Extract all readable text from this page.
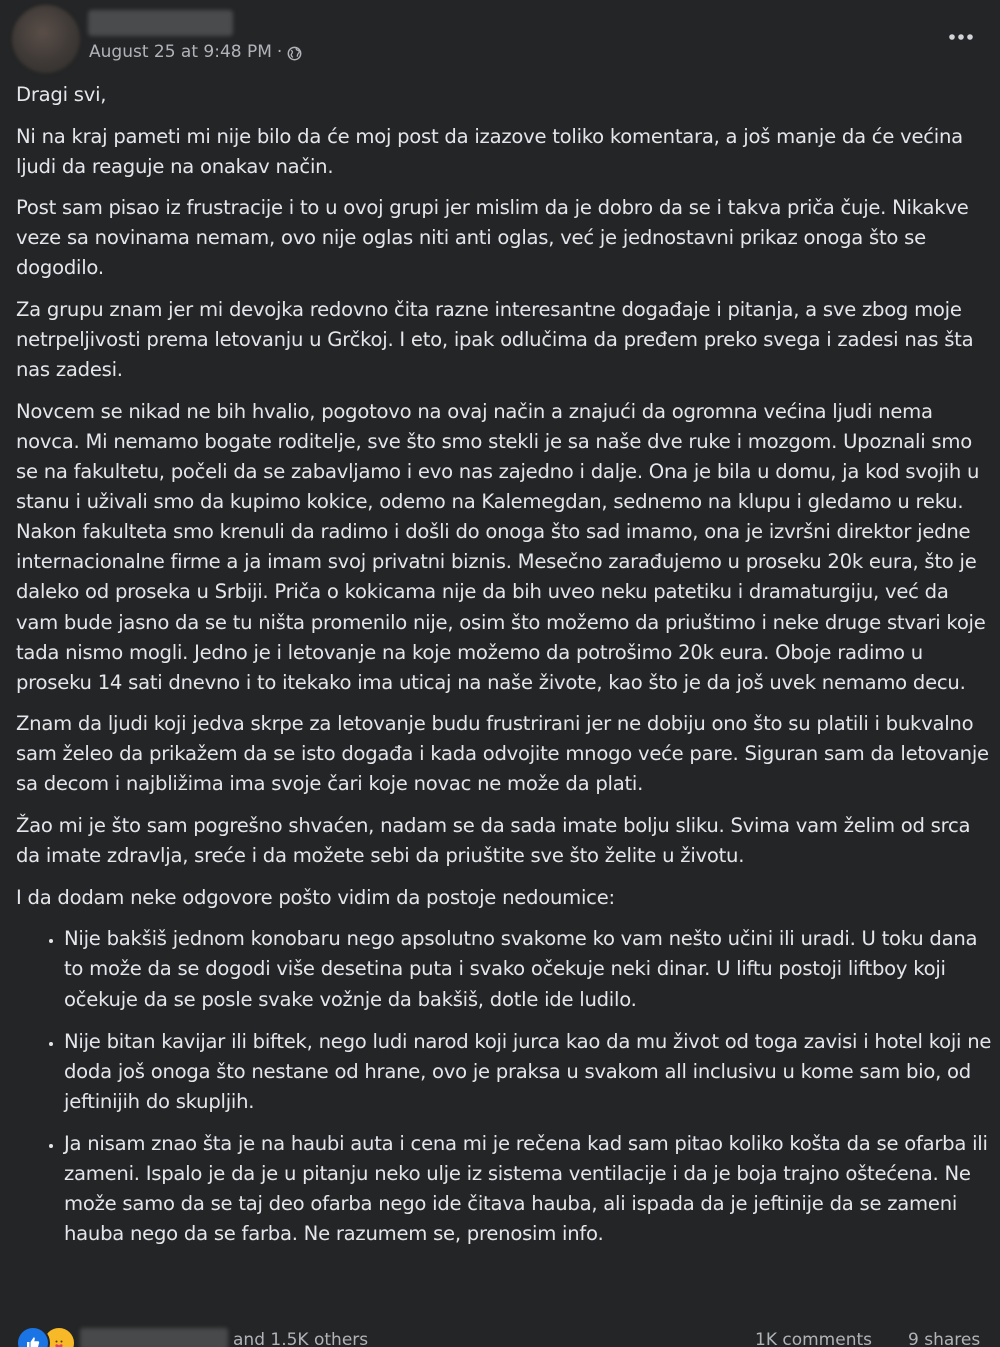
August 25 at 9:48 PM ·

Dragi svi,

Ni na kraj pameti mi nije bilo da će moj post da izazove toliko komentara, a još manje da će većina ljudi da reaguje na onakav način.

Post sam pisao iz frustracije i to u ovoj grupi jer mislim da je dobro da se i takva priča čuje. Nikakve veze sa novinama nemam, ovo nije oglas niti anti oglas, već je jednostavni prikaz onoga što se dogodilo.

Za grupu znam jer mi devojka redovno čita razne interesantne događaje i pitanja, a sve zbog moje netrpeljivosti prema letovanju u Grčkoj. I eto, ipak odlučima da pređem preko svega i zadesi nas šta nas zadesi.

Novcem se nikad ne bih hvalio, pogotovo na ovaj način a znajući da ogromna većina ljudi nema novca. Mi nemamo bogate roditelje, sve što smo stekli je sa naše dve ruke i mozgom. Upoznali smo se na fakultetu, počeli da se zabavljamo i evo nas zajedno i dalje. Ona je bila u domu, ja kod svojih u stanu i uživali smo da kupimo kokice, odemo na Kalemegdan, sednemo na klupu i gledamo u reku. Nakon fakulteta smo krenuli da radimo i došli do onoga što sad imamo, ona je izvršni direktor jedne internacionalne firme a ja imam svoj privatni biznis. Mesečno zarađujemo u proseku 20k eura, što je daleko od proseka u Srbiji. Priča o kokicama nije da bih uveo neku patetiku i dramaturgiju, već da vam bude jasno da se tu ništa promenilo nije, osim što možemo da priuštimo i neke druge stvari koje tada nismo mogli. Jedno je i letovanje na koje možemo da potrošimo 20k eura. Oboje radimo u proseku 14 sati dnevno i to itekako ima uticaj na naše živote, kao što je da još uvek nemamo decu.

Znam da ljudi koji jedva skrpe za letovanje budu frustrirani jer ne dobiju ono što su platili i bukvalno sam želeo da prikažem da se isto događa i kada odvojite mnogo veće pare. Siguran sam da letovanje sa decom i najbližima ima svoje čari koje novac ne može da plati.

Žao mi je što sam pogrešno shvaćen, nadam se da sada imate bolju sliku. Svima vam želim od srca da imate zdravlja, sreće i da možete sebi da priuštite sve što želite u životu.

I da dodam neke odgovore pošto vidim da postoje nedoumice:

• Nije bakšiš jednom konobaru nego apsolutno svakome ko vam nešto učini ili uradi. U toku dana to može da se dogodi više desetina puta i svako očekuje neki dinar. U liftu postoji liftboy koji očekuje da se posle svake vožnje da bakšiš, dotle ide ludilo.
• Nije bitan kavijar ili biftek, nego ludi narod koji jurca kao da mu život od toga zavisi i hotel koji ne doda još onoga što nestane od hrane, ovo je praksa u svakom all inclusivu u kome sam bio, od jeftinijih do skupljih.
• Ja nisam znao šta je na haubi auta i cena mi je rečena kad sam pitao koliko košta da se ofarba ili zameni. Ispalo je da je u pitanju neko ulje iz sistema ventilacije i da je boja trajno oštećena. Ne može samo da se taj deo ofarba nego ide čitava hauba, ali ispada da je jeftinije da se zameni hauba nego da se farba. Ne razumem se, prenosim info.
and 1.5K others	1K comments 9 shares
